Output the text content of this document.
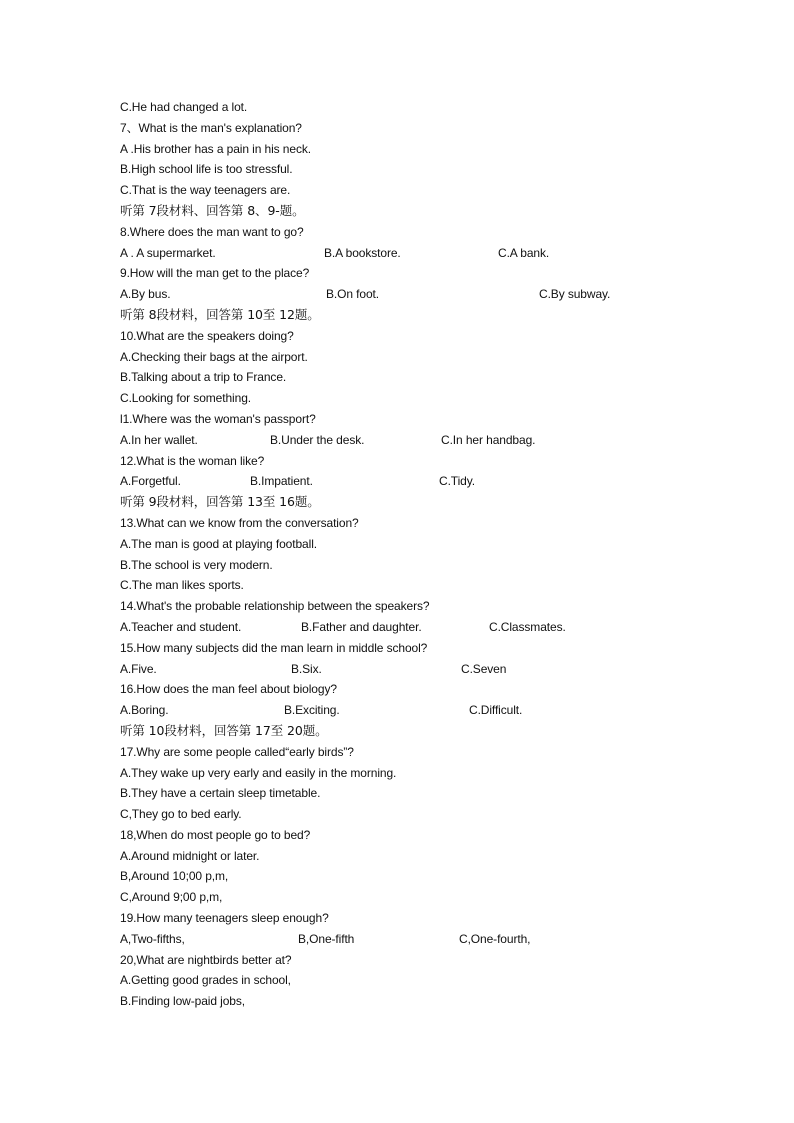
C.He had changed a lot.
7、What is the man's explanation?
A .His brother has a pain in his neck.
B.High school life is too stressful.
C.That is the way teenagers are.
听第 7段材料、回答第 8、9-题。
8.Where does the man want to go?
A . A supermarket.	B.A bookstore.	C.A bank.
9.How will the man get to the place?
A.By bus.	B.On foot.	C.By subway.
听第 8段材料，回答第 10至 12题。
10.What are the speakers doing?
A.Checking their bags at the airport.
B.Talking about a trip to France.
C.Looking for something.
l1.Where was the woman's passport?
A.In her wallet.	B.Under the desk.	C.In her handbag.
12.What is the woman like?
A.Forgetful.	B.Impatient.	C.Tidy.
听第 9段材料，回答第 13至 16题。
13.What can we know from the conversation?
A.The man is good at playing football.
B.The school is very modern.
C.The man likes sports.
14.What's the probable relationship between the speakers?
A.Teacher and student.	B.Father and daughter.	C.Classmates.
15.How many subjects did the man learn in middle school?
A.Five.	B.Six.	C.Seven
16.How does the man feel about biology?
A.Boring.	B.Exciting.	C.Difficult.
听第 10段材料，回答第 17至 20题。
17.Why are some people called“early birds”?
A.They wake up very early and easily in the morning.
B.They have a certain sleep timetable.
C,They go to bed early.
18,When do most people go to bed?
A.Around midnight or later.
B,Around 10;00 p,m,
C,Around 9;00 p,m,
19.How many teenagers sleep enough?
A,Two-fifths,	B,One-fifth	C,One-fourth,
20,What are nightbirds better at?
A.Getting good grades in school,
B.Finding low-paid jobs,
